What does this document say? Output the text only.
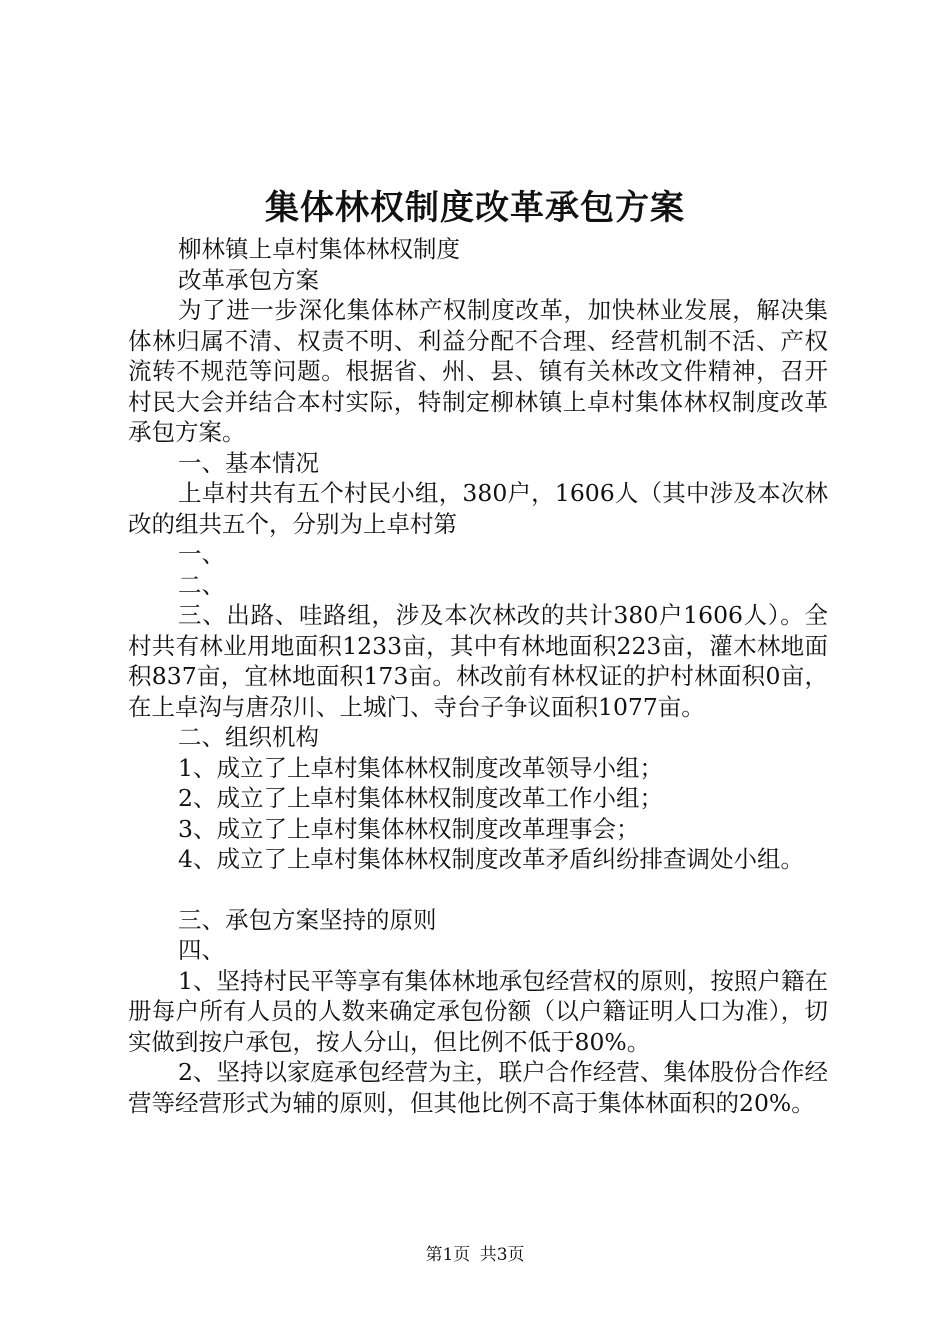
集体林权制度改革承包方案

柳林镇上卓村集体林权制度

改革承包方案

为了进一步深化集体林产权制度改革，加快林业发展，解决集体林归属不清、权责不明、利益分配不合理、经营机制不活、产权流转不规范等问题。根据省、州、县、镇有关林改文件精神，召开村民大会并结合本村实际，特制定柳林镇上卓村集体林权制度改革承包方案。

一、基本情况

上卓村共有五个村民小组，380户，1606人（其中涉及本次林改的组共五个，分别为上卓村第

一、

二、

三、出路、哇路组，涉及本次林改的共计380户1606人）。全村共有林业用地面积1233亩，其中有林地面积223亩，灌木林地面积837亩，宜林地面积173亩。林改前有林权证的护村林面积0亩，在上卓沟与唐尕川、上城门、寺台子争议面积1077亩。

二、组织机构

1、成立了上卓村集体林权制度改革领导小组；

2、成立了上卓村集体林权制度改革工作小组；

3、成立了上卓村集体林权制度改革理事会；

4、成立了上卓村集体林权制度改革矛盾纠纷排查调处小组。

三、承包方案坚持的原则

四、

1、坚持村民平等享有集体林地承包经营权的原则，按照户籍在册每户所有人员的人数来确定承包份额（以户籍证明人口为准），切实做到按户承包，按人分山，但比例不低于80%。

2、坚持以家庭承包经营为主，联户合作经营、集体股份合作经营等经营形式为辅的原则，但其他比例不高于集体林面积的20%。

第1页 共3页
